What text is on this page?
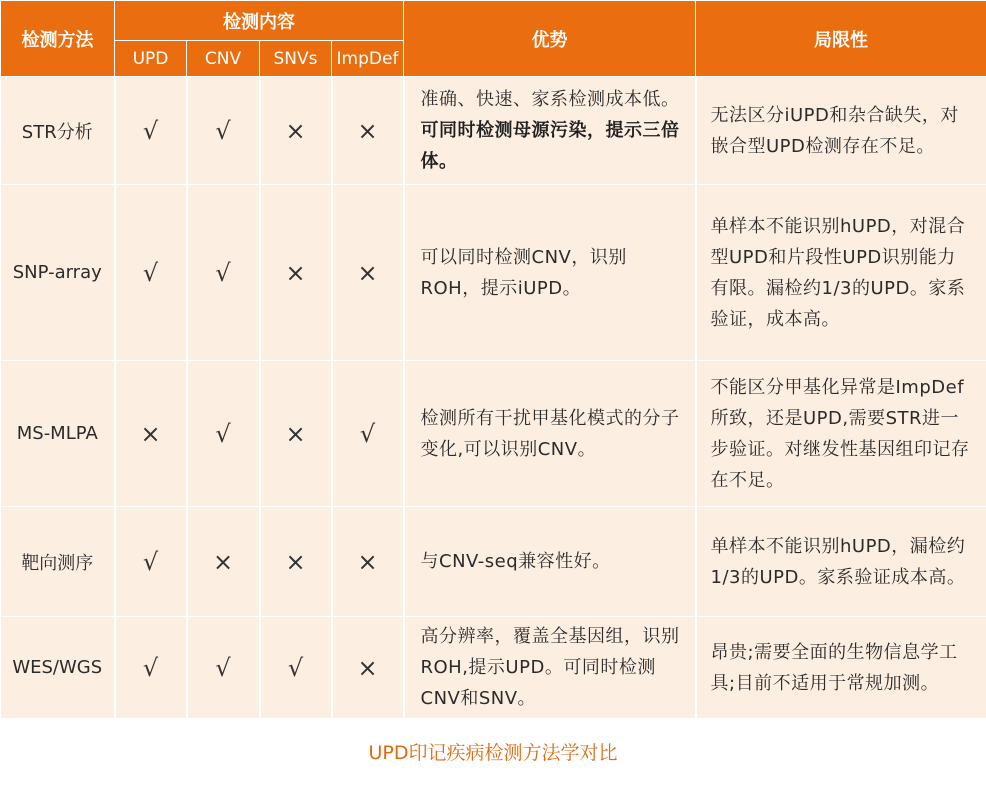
检测方法	检测内容				优势	局限性
	UPD	CNV	SNVs	ImpDef		
STR分析	√	√	×	×	准确、快速、家系检测成本低。可同时检测母源污染，提示三倍体。	无法区分iUPD和杂合缺失，对嵌合型UPD检测存在不足。
SNP-array	√	√	×	×	可以同时检测CNV，识别ROH，提示iUPD。	单样本不能识别hUPD，对混合型UPD和片段性UPD识别能力有限。漏检约1/3的UPD。家系验证，成本高。
MS-MLPA	×	√	×	√	检测所有干扰甲基化模式的分子变化,可以识别CNV。	不能区分甲基化异常是ImpDef所致，还是UPD,需要STR进一步验证。对继发性基因组印记存在不足。
靶向测序	√	×	×	×	与CNV-seq兼容性好。	单样本不能识别hUPD，漏检约1/3的UPD。家系验证成本高。
WES/WGS	√	√	√	×	高分辨率，覆盖全基因组，识别ROH,提示UPD。可同时检测CNV和SNV。	昂贵;需要全面的生物信息学工具;目前不适用于常规加测。
UPD印记疾病检测方法学对比
